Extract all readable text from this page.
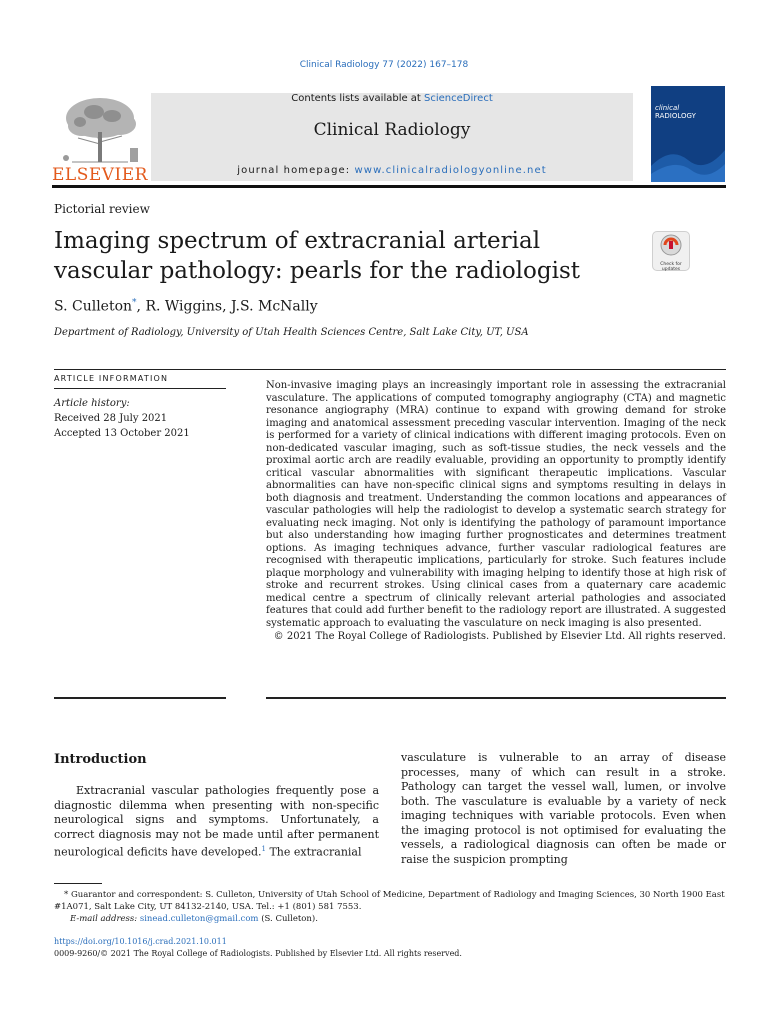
Clinical Radiology 77 (2022) 167–178
ELSEVIER
Contents lists available at ScienceDirect
Clinical Radiology
journal homepage: www.clinicalradiologyonline.net
clinical
RADIOLOGY
Pictorial review
Imaging spectrum of extracranial arterial vascular pathology: pearls for the radiologist	Check for updates
S. Culleton*, R. Wiggins, J.S. McNally
Department of Radiology, University of Utah Health Sciences Centre, Salt Lake City, UT, USA
ARTICLE INFORMATION
Article history:
Received 28 July 2021
Accepted 13 October 2021

Non-invasive imaging plays an increasingly important role in assessing the extracranial vasculature. The applications of computed tomography angiography (CTA) and magnetic resonance angiography (MRA) continue to expand with growing demand for stroke imaging and anatomical assessment preceding vascular intervention. Imaging of the neck is performed for a variety of clinical indications with different imaging protocols. Even on non-dedicated vascular imaging, such as soft-tissue studies, the neck vessels and the proximal aortic arch are readily evaluable, providing an opportunity to promptly identify critical vascular abnormalities with significant therapeutic implications. Vascular abnormalities can have non-specific clinical signs and symptoms resulting in delays in both diagnosis and treatment. Understanding the common locations and appearances of vascular pathologies will help the radiologist to develop a systematic search strategy for evaluating neck imaging. Not only is identifying the pathology of paramount importance but also understanding how imaging further prognosticates and determines treatment options. As imaging techniques advance, further vascular radiological features are recognised with therapeutic implications, particularly for stroke. Such features include plaque morphology and vulnerability with imaging helping to identify those at high risk of stroke and recurrent strokes. Using clinical cases from a quaternary care academic medical centre a spectrum of clinically relevant arterial pathologies and associated features that could add further benefit to the radiology report are illustrated. A suggested systematic approach to evaluating the vasculature on neck imaging is also presented.

© 2021 The Royal College of Radiologists. Published by Elsevier Ltd. All rights reserved.

Introduction
Extracranial vascular pathologies frequently pose a diagnostic dilemma when presenting with non-specific neurological signs and symptoms. Unfortunately, a correct diagnosis may not be made until after permanent neurological deficits have developed.$^1$ The extracranial
vasculature is vulnerable to an array of disease processes, many of which can result in a stroke. Pathology can target the vessel wall, lumen, or involve both. The vasculature is evaluable by a variety of neck imaging techniques with variable protocols. Even when the imaging protocol is not optimised for evaluating the vessels, a radiological diagnosis can often be made or raise the suspicion prompting
* Guarantor and correspondent: S. Culleton, University of Utah School of Medicine, Department of Radiology and Imaging Sciences, 30 North 1900 East #1A071, Salt Lake City, UT 84132-2140, USA. Tel.: +1 (801) 581 7553.
E-mail address: sinead.culleton@gmail.com (S. Culleton).
https://doi.org/10.1016/j.crad.2021.10.011
0009-9260/© 2021 The Royal College of Radiologists. Published by Elsevier Ltd. All rights reserved.
